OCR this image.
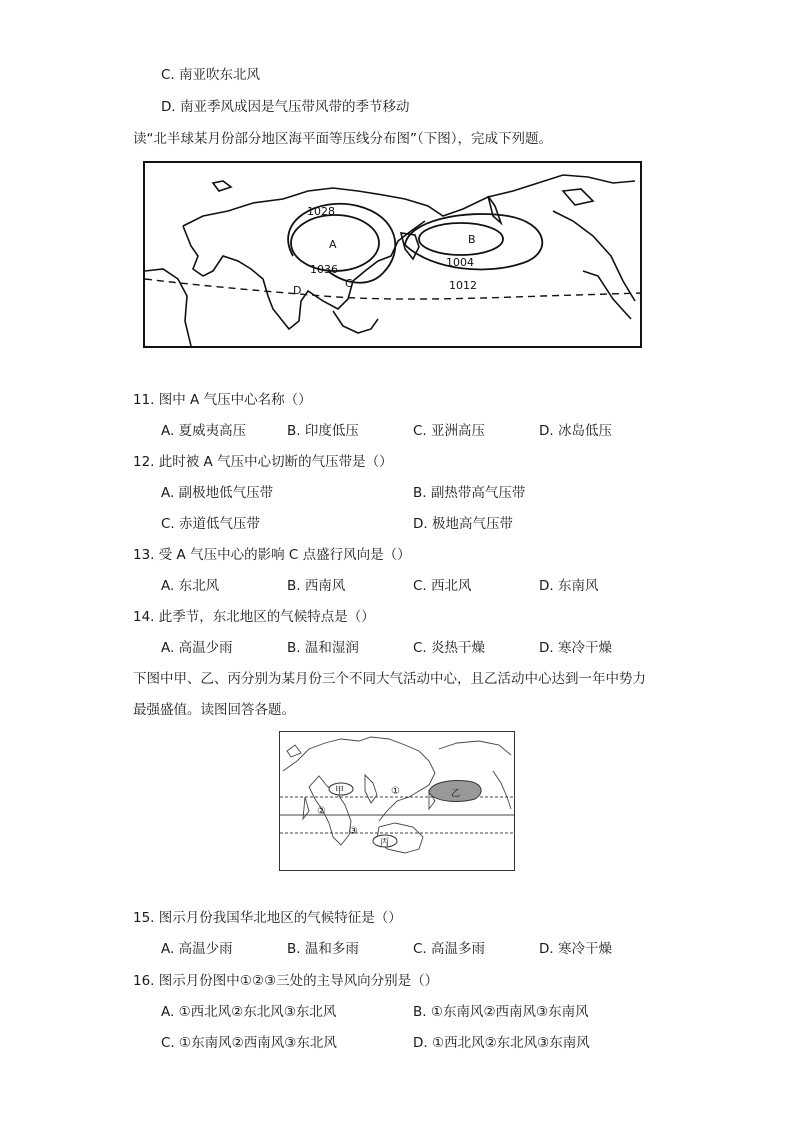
C. 南亚吹东北风
D. 南亚季风成因是气压带风带的季节移动
读“北半球某月份部分地区海平面等压线分布图”（下图），完成下列题。
1028
A
1036
C
D
B
1004
1012
11. 图中 A 气压中心名称（）
A. 夏威夷高压	B. 印度低压	C. 亚洲高压	D. 冰岛低压
12. 此时被 A 气压中心切断的气压带是（）
A. 副极地低气压带	B. 副热带高气压带
C. 赤道低气压带	D. 极地高气压带
13. 受 A 气压中心的影响 C 点盛行风向是（）
A. 东北风	B. 西南风	C. 西北风	D. 东南风
14. 此季节，东北地区的气候特点是（）
A. 高温少雨	B. 温和湿润	C. 炎热干燥	D. 寒冷干燥
下图中甲、乙、丙分别为某月份三个不同大气活动中心，且乙活动中心达到一年中势力
最强盛值。读图回答各题。
甲	乙
丙
①
②
③
15. 图示月份我国华北地区的气候特征是（）
A. 高温少雨	B. 温和多雨	C. 高温多雨	D. 寒冷干燥
16. 图示月份图中①②③三处的主导风向分别是（）
A. ①西北风②东北风③东北风	B. ①东南风②西南风③东南风
C. ①东南风②西南风③东北风	D. ①西北风②东北风③东南风
